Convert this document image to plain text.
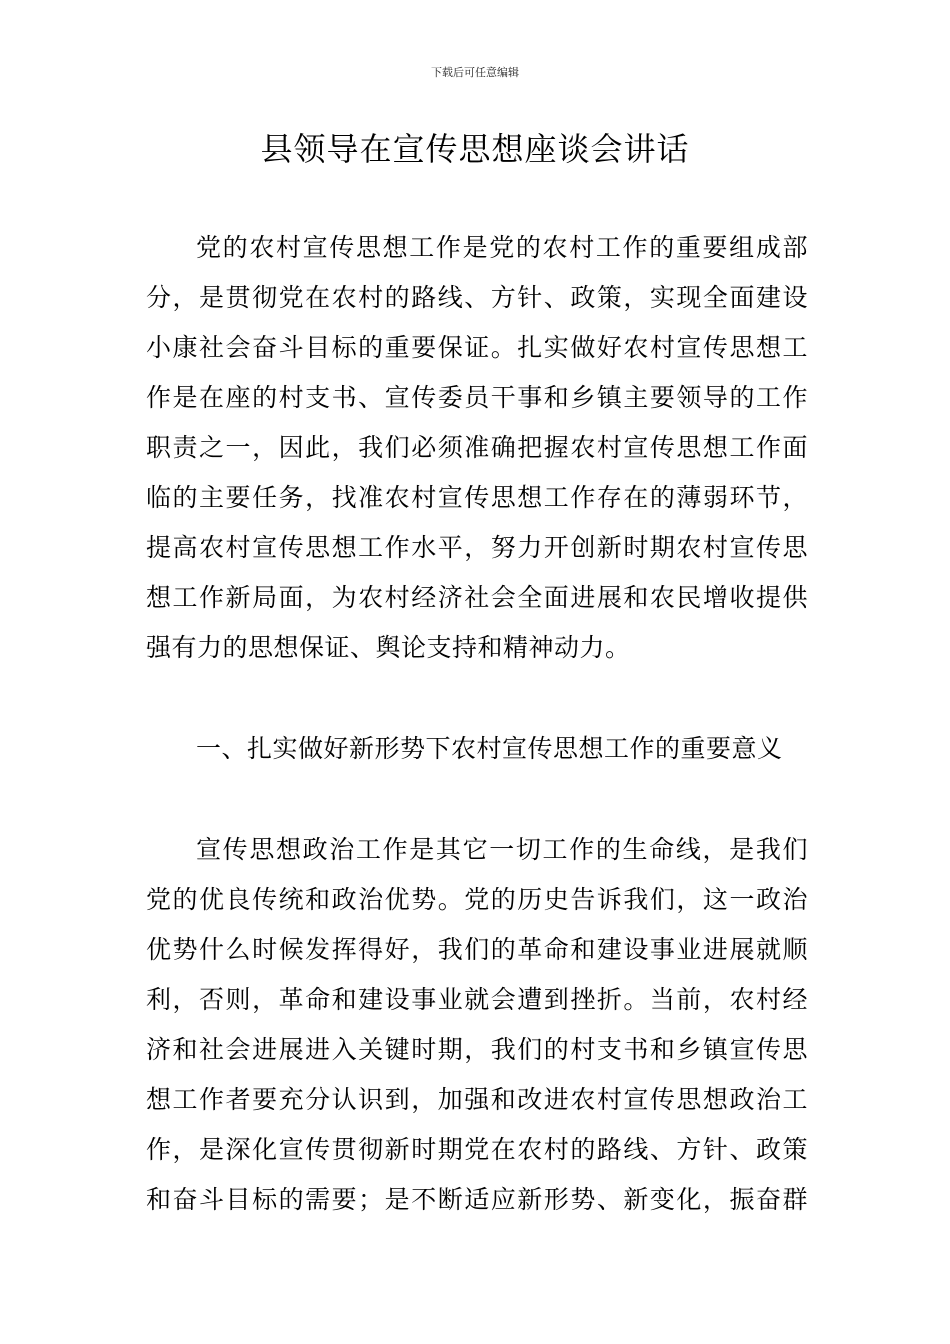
下载后可任意编辑
县领导在宣传思想座谈会讲话
党的农村宣传思想工作是党的农村工作的重要组成部
分，是贯彻党在农村的路线、方针、政策，实现全面建设
小康社会奋斗目标的重要保证。扎实做好农村宣传思想工
作是在座的村支书、宣传委员干事和乡镇主要领导的工作
职责之一，因此，我们必须准确把握农村宣传思想工作面
临的主要任务，找准农村宣传思想工作存在的薄弱环节，
提高农村宣传思想工作水平，努力开创新时期农村宣传思
想工作新局面，为农村经济社会全面进展和农民增收提供
强有力的思想保证、舆论支持和精神动力。
一、扎实做好新形势下农村宣传思想工作的重要意义
宣传思想政治工作是其它一切工作的生命线，是我们
党的优良传统和政治优势。党的历史告诉我们，这一政治
优势什么时候发挥得好，我们的革命和建设事业进展就顺
利，否则，革命和建设事业就会遭到挫折。当前，农村经
济和社会进展进入关键时期，我们的村支书和乡镇宣传思
想工作者要充分认识到，加强和改进农村宣传思想政治工
作，是深化宣传贯彻新时期党在农村的路线、方针、政策
和奋斗目标的需要；是不断适应新形势、新变化，振奋群
